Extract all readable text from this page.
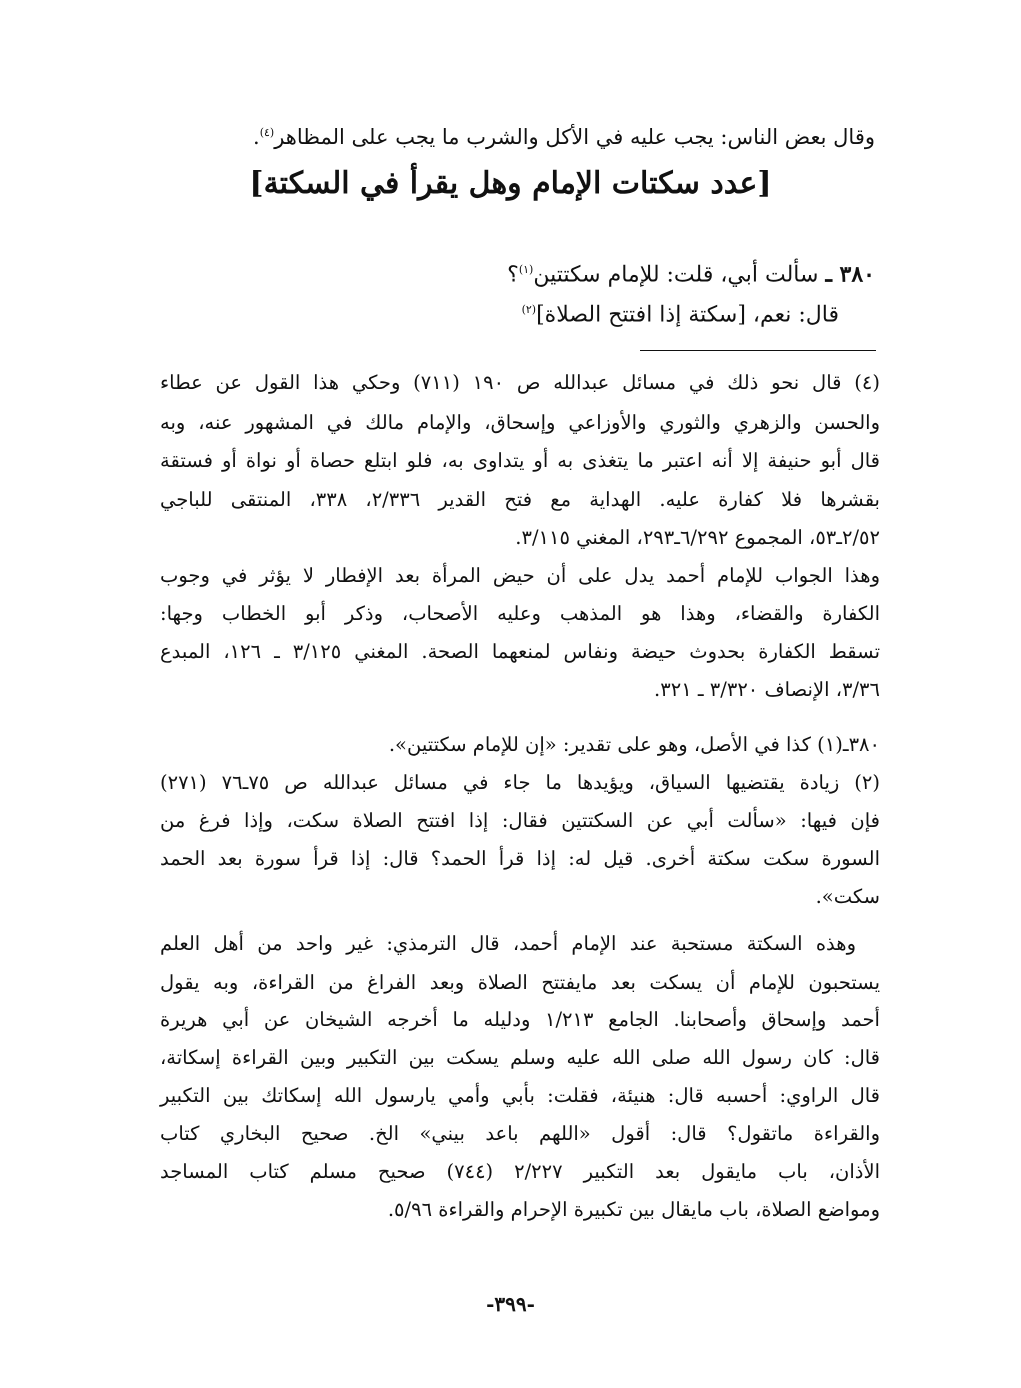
وقال بعض الناس: يجب عليه في الأكل والشرب ما يجب على المظاهر$^{(٤)}$.
[عدد سكتات الإمام وهل يقرأ في السكتة]
٣٨٠ ـ سألت أبي، قلت: للإمام سكتتين$^{(١)}$؟
قال: نعم، [سكتة إذا افتتح الصلاة]$^{(٢)}$
(٤) قال نحو ذلك في مسائل عبدالله ص ١٩٠ (٧١١) وحكي هذا القول عن عطاء
والحسن والزهري والثوري والأوزاعي وإسحاق، والإمام مالك في المشهور عنه، وبه
قال أبو حنيفة إلا أنه اعتبر ما يتغذى به أو يتداوى به، فلو ابتلع حصاة أو نواة أو فستقة
بقشرها فلا كفارة عليه. الهداية مع فتح القدير ٢/٣٣٦، ٣٣٨، المنتقى للباجي
٢/٥٢ـ٥٣، المجموع ٦/٢٩٢ـ٢٩٣، المغني ٣/١١٥.
وهذا الجواب للإمام أحمد يدل على أن حيض المرأة بعد الإفطار لا يؤثر في وجوب
الكفارة والقضاء، وهذا هو المذهب وعليه الأصحاب، وذكر أبو الخطاب وجها:
تسقط الكفارة بحدوث حيضة ونفاس لمنعهما الصحة. المغني ٣/١٢٥ ـ ١٢٦، المبدع
٣/٣٦، الإنصاف ٣/٣٢٠ ـ ٣٢١.
٣٨٠ـ(١) كذا في الأصل، وهو على تقدير: «إن للإمام سكتتين».
(٢) زيادة يقتضيها السياق، ويؤيدها ما جاء في مسائل عبدالله ص ٧٥ـ٧٦ (٢٧١)
فإن فيها: «سألت أبي عن السكتتين فقال: إذا افتتح الصلاة سكت، وإذا فرغ من
السورة سكت سكتة أخرى. قيل له: إذا قرأ الحمد؟ قال: إذا قرأ سورة بعد الحمد
سكت».
وهذه السكتة مستحبة عند الإمام أحمد، قال الترمذي: غير واحد من أهل العلم
يستحبون للإمام أن يسكت بعد مايفتتح الصلاة وبعد الفراغ من القراءة، وبه يقول
أحمد وإسحاق وأصحابنا. الجامع ١/٢١٣ ودليله ما أخرجه الشيخان عن أبي هريرة
قال: كان رسول الله صلى الله عليه وسلم يسكت بين التكبير وبين القراءة إسكاتة،
قال الراوي: أحسبه قال: هنيئة، فقلت: بأبي وأمي يارسول الله إسكاتك بين التكبير
والقراءة ماتقول؟ قال: أقول «اللهم باعد بيني» الخ. صحيح البخاري كتاب
الأذان، باب مايقول بعد التكبير ٢/٢٢٧ (٧٤٤) صحيح مسلم كتاب المساجد
ومواضع الصلاة، باب مايقال بين تكبيرة الإحرام والقراءة ٥/٩٦.
-٣٩٩-
